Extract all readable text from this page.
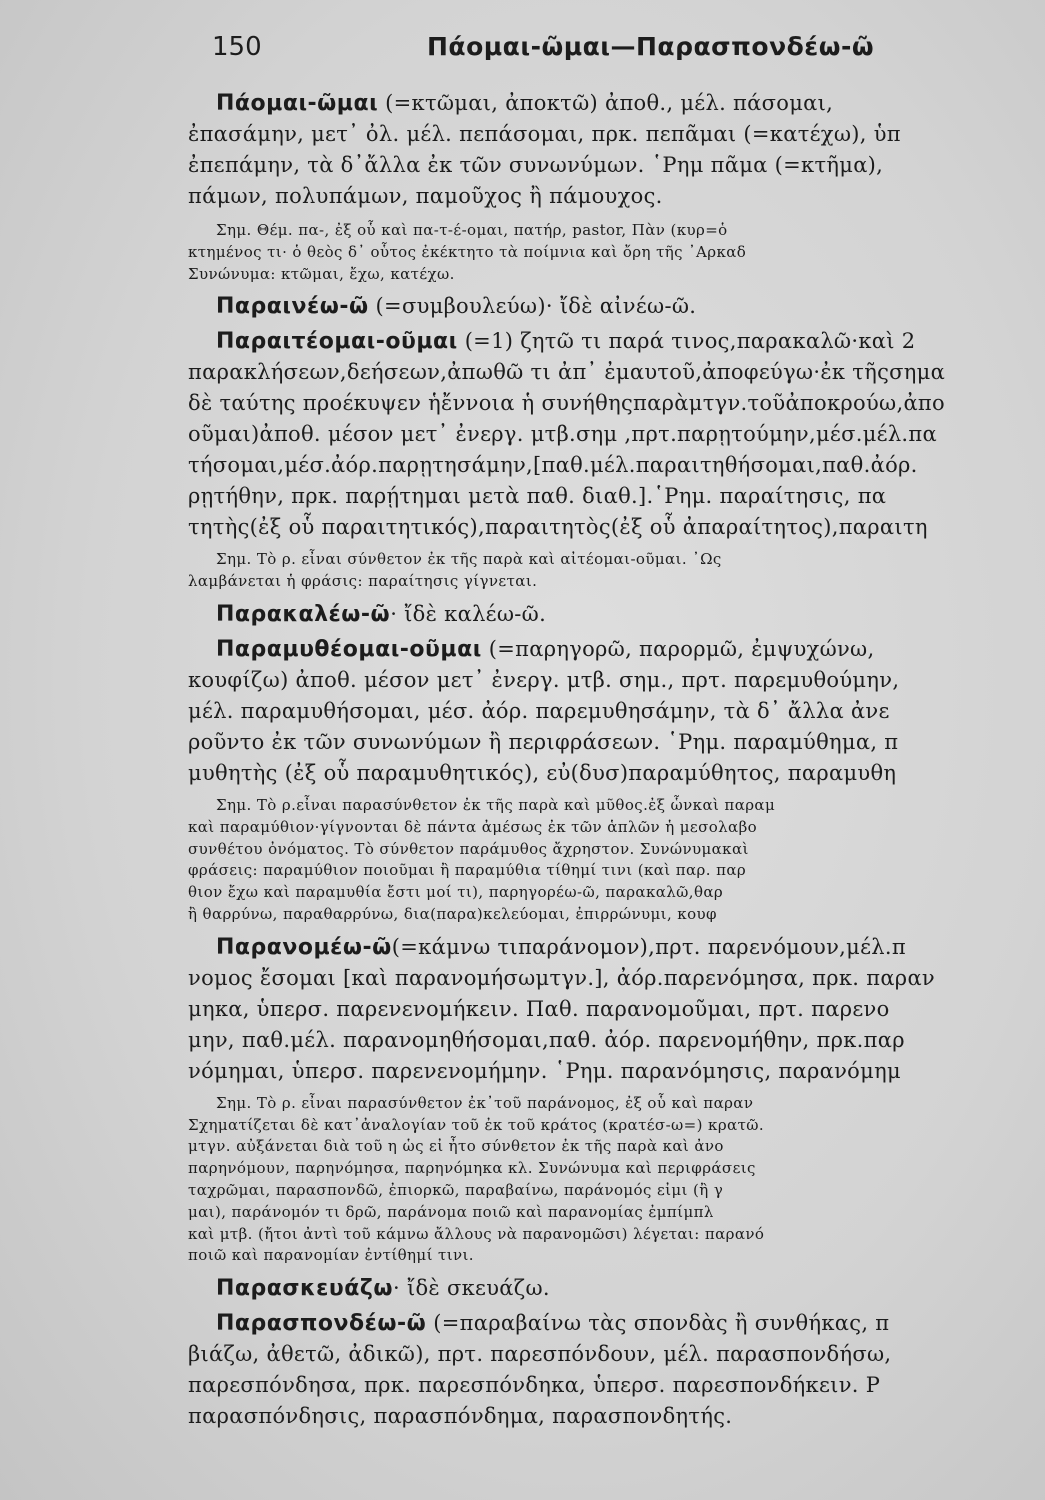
150	Πάομαι-ῶμαι—Παρασπονδέω-ῶ

Πάομαι-ῶμαι (=κτῶμαι, ἀποκτῶ) ἀποθ., μέλ. πάσομαι,

ἐπασάμην, μετ᾽ ὀλ. μέλ. πεπάσομαι, πρκ. πεπᾶμαι (=κατέχω), ὑπ

ἐπεπάμην, τὰ δ᾽ἄλλα ἐκ τῶν συνωνύμων. ῾Ρημ πᾶμα (=κτῆμα),

πάμων, πολυπάμων, παμοῦχος ἢ πάμουχος.

Σημ. Θέμ. πα-, ἐξ οὗ καὶ πα-τ-έ-ομαι, πατήρ, pastor, Πὰν (κυρ=ὁ

κτημένος τι· ὁ θεὸς δ᾽ οὗτος ἐκέκτητο τὰ ποίμνια καὶ ὄρη τῆς ᾽Αρκαδ

Συνώνυμα: κτῶμαι, ἔχω, κατέχω.

Παραινέω-ῶ (=συμβουλεύω)· ἴδὲ αἰνέω-ῶ.

Παραιτέομαι-οῦμαι (=1) ζητῶ τι παρά τινος,παρακαλῶ·καὶ 2

παρακλήσεων,δεήσεων,ἀπωθῶ τι ἀπ᾽ ἐμαυτοῦ,ἀποφεύγω·ἐκ τῆςσημα

δὲ ταύτης προέκυψεν ἡἔννοια ἡ συνήθηςπαρὰμτγν.τοῦἀποκρούω,ἀπο

οῦμαι)ἀποθ. μέσον μετ᾽ ἐνεργ. μτβ.σημ ,πρτ.παρῃτούμην,μέσ.μέλ.πα

τήσομαι,μέσ.ἀόρ.παρῃτησάμην,[παθ.μέλ.παραιτηθήσομαι,παθ.ἀόρ.

ρῃτήθην, πρκ. παρῄτημαι μετὰ παθ. διαθ.].῾Ρημ. παραίτησις, πα

τητὴς(ἐξ οὗ παραιτητικός),παραιτητὸς(ἐξ οὗ ἀπαραίτητος),παραιτη

Σημ. Τὸ ρ. εἶναι σύνθετον ἐκ τῆς παρὰ καὶ αἰτέομαι-οῦμαι. ᾽Ως

λαμβάνεται ἡ φράσις: παραίτησις γίγνεται.

Παρακαλέω-ῶ· ἴδὲ καλέω-ῶ.

Παραμυθέομαι-οῦμαι (=παρηγορῶ, παρορμῶ, ἐμψυχώνω,

κουφίζω) ἀποθ. μέσον μετ᾽ ἐνεργ. μτβ. σημ., πρτ. παρεμυθούμην,

μέλ. παραμυθήσομαι, μέσ. ἀόρ. παρεμυθησάμην, τὰ δ᾽ ἄλλα ἀνε

ροῦντο ἐκ τῶν συνωνύμων ἢ περιφράσεων. ῾Ρημ. παραμύθημα, π

μυθητὴς (ἐξ οὗ παραμυθητικός), εὐ(δυσ)παραμύθητος, παραμυθη

Σημ. Τὸ ρ.εἶναι παρασύνθετον ἐκ τῆς παρὰ καὶ μῦθος.ἐξ ὧνκαὶ παραμ

καὶ παραμύθιον·γίγνονται δὲ πάντα ἀμέσως ἐκ τῶν ἁπλῶν ἡ μεσολαβο

συνθέτου ὀνόματος. Τὸ σύνθετον παράμυθος ἄχρηστον. Συνώνυμακαὶ

φράσεις: παραμύθιον ποιοῦμαι ἢ παραμύθια τίθημί τινι (καὶ παρ. παρ

θιον ἔχω καὶ παραμυθία ἔστι μοί τι), παρηγορέω-ῶ, παρακαλῶ,θαρ

ἢ θαρρύνω, παραθαρρύνω, δια(παρα)κελεύομαι, ἐπιρρώνυμι, κουφ

Παρανομέω-ῶ(=κάμνω τιπαράνομον),πρτ. παρενόμουν,μέλ.π

νομος ἔσομαι [καὶ παρανομήσωμτγν.], ἀόρ.παρενόμησα, πρκ. παραν

μηκα, ὑπερσ. παρενενομήκειν. Παθ. παρανομοῦμαι, πρτ. παρενο

μην, παθ.μέλ. παρανομηθήσομαι,παθ. ἀόρ. παρενομήθην, πρκ.παρ

νόμημαι, ὑπερσ. παρενενομήμην. ῾Ρημ. παρανόμησις, παρανόμημ

Σημ. Τὸ ρ. εἶναι παρασύνθετον ἐκ᾽τοῦ παράνομος, ἐξ οὗ καὶ παραν

Σχηματίζεται δὲ κατ᾽ἀναλογίαν τοῦ ἐκ τοῦ κράτος (κρατέσ-ω=) κρατῶ.

μτγν. αὐξάνεται διὰ τοῦ η ὡς εἰ ἦτο σύνθετον ἐκ τῆς παρὰ καὶ ἀνο

παρηνόμουν, παρηνόμησα, παρηνόμηκα κλ. Συνώνυμα καὶ περιφράσεις

ταχρῶμαι, παρασπονδῶ, ἐπιορκῶ, παραβαίνω, παράνομός εἰμι (ἢ γ

μαι), παράνομόν τι δρῶ, παράνομα ποιῶ καὶ παρανομίας ἐμπίμπλ

καὶ μτβ. (ἤτοι ἀντὶ τοῦ κάμνω ἄλλους νὰ παρανομῶσι) λέγεται: παρανό

ποιῶ καὶ παρανομίαν ἐντίθημί τινι.

Παρασκευάζω· ἴδὲ σκευάζω.

Παρασπονδέω-ῶ (=παραβαίνω τὰς σπονδὰς ἢ συνθήκας, π

βιάζω, ἀθετῶ, ἀδικῶ), πρτ. παρεσπόνδουν, μέλ. παρασπονδήσω,

παρεσπόνδησα, πρκ. παρεσπόνδηκα, ὑπερσ. παρεσπονδήκειν. Ρ

παρασπόνδησις, παρασπόνδημα, παρασπονδητής.
